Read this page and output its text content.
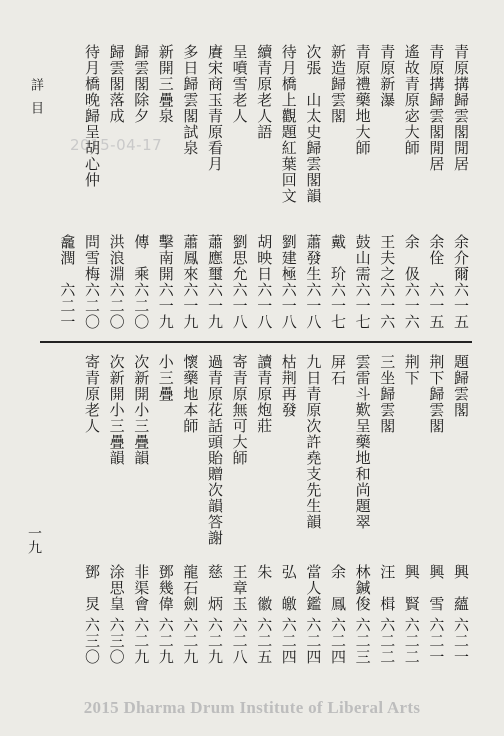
詳目
2015-04-17
一九
2015 Dharma Drum Institute of Liberal Arts
青原搆歸雲閣閒居
余介爾
六一五
青原搆歸雲閣閒居
余佺
六一五
遙故青原宓大師
余　伋
六一六
青原新瀑
王夫之
六一六
青原禮藥地大師
鼓山需
六一七
新造歸雲閣
戴　玠
六一七
次張　山太史歸雲閣韻
蕭發生
六一八
待月橋上觀題紅葉回文
劉建極
六一八
續青原老人語
胡映日
六一八
呈噴雪老人
劉思允
六一八
賡宋商玉青原看月
蕭應璽
六一九
多日歸雲閣試泉
蕭鳳來
六一九
新開三疊泉
擊南開
六一九
歸雲閣除夕
傳　乘
六二〇
歸雲閣落成
洪浪淵
六二〇
待月橋晚歸呈胡心仲
問雪梅
六二〇
龕潤
六二一
題歸雲閣
興　蘊
六二一
荆下歸雲閣
興　雪
六二一
荆下
興　賢
六二二
三坐歸雲閣
汪　楫
六二二
雲雷斗歎呈藥地和尚題翠
林鍼俊
六二三
屏石
余　鳳
六二四
九日青原次許堯支先生韻
當人鑑
六二四
枯荆再發
弘　皦
六二四
讀青原炮莊
朱　徽
六二五
寄青原無可大師
王章玉
六二八
過青原花話頭貽贈次韻答謝
慈　炳
六二九
懷藥地本師
龍石劍
六二九
小三疊
鄧幾偉
六二九
次新開小三疊韻
非渠會
六二九
次新開小三疊韻
涂思皇
六三〇
寄青原老人
鄧　炅
六三〇
